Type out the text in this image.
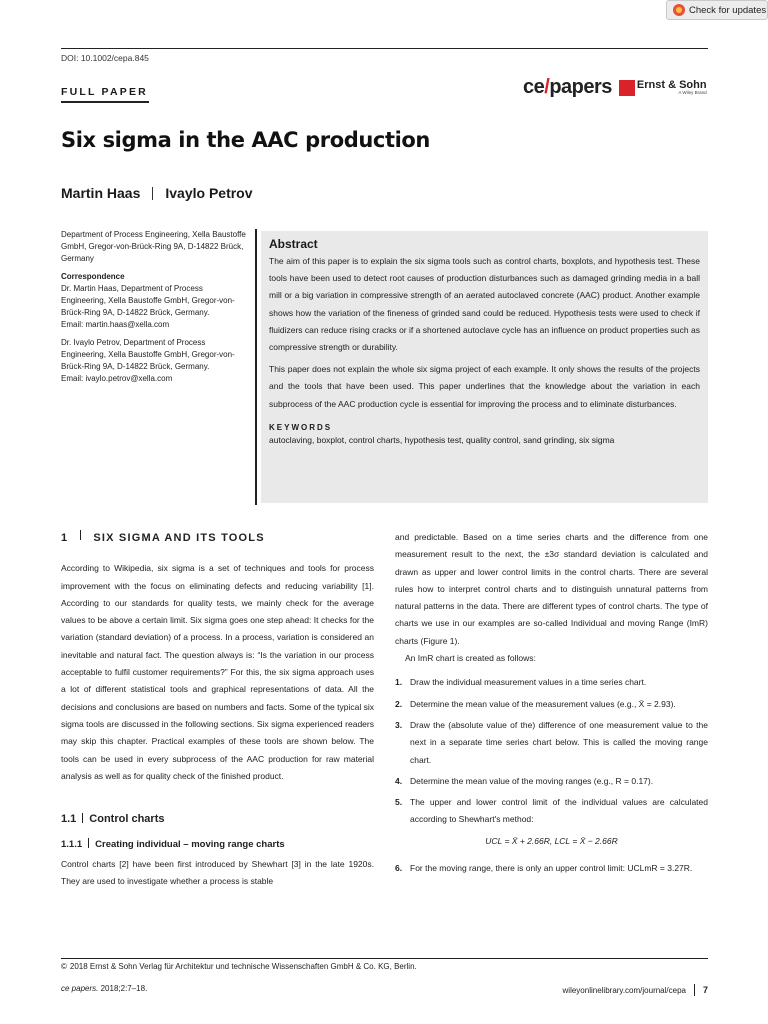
Check for updates
DOI: 10.1002/cepa.845
FULL PAPER	ce/papers Ernst & Sohn
A Wiley Brand
Six sigma in the AAC production
Martin Haas Ivaylo Petrov

Department of Process Engineering, Xella Baustoffe GmbH, Gregor-von-Brück-Ring 9A, D-14822 Brück, Germany

Correspondence

Dr. Martin Haas, Department of Process Engineering, Xella Baustoffe GmbH, Gregor-von-Brück-Ring 9A, D-14822 Brück, Germany.

Email: martin.haas@xella.com

Dr. Ivaylo Petrov, Department of Process Engineering, Xella Baustoffe GmbH, Gregor-von-Brück-Ring 9A, D-14822 Brück, Germany.

Email: ivaylo.petrov@xella.com

Abstract

The aim of this paper is to explain the six sigma tools such as control charts, boxplots, and hypothesis test. These tools have been used to detect root causes of production disturbances such as damaged grinding media in a ball mill or a big variation in compressive strength of an aerated autoclaved concrete (AAC) product. Another example shows how the variation of the fineness of grinded sand could be reduced. Hypothesis tests were used to check if fluidizers can reduce rising cracks or if a shortened autoclave cycle has an influence on product properties such as compressive strength or durability.

This paper does not explain the whole six sigma project of each example. It only shows the results of the projects and the tools that have been used. This paper underlines that the knowledge about the variation in each subprocess of the AAC production cycle is essential for improving the process and to eliminate disturbances.

KEYWORDS
autoclaving, boxplot, control charts, hypothesis test, quality control, sand grinding, six sigma
1 SIX SIGMA AND ITS TOOLS

According to Wikipedia, six sigma is a set of techniques and tools for process improvement with the focus on eliminating defects and reducing variability [1]. According to our standards for quality tests, we mainly check for the average values to be above a certain limit. Six sigma goes one step ahead: It checks for the variation (standard deviation) of a process. In a process, variation is considered an inevitable and natural fact. The question always is: “Is the variation in our process acceptable to fulfil customer requirements?” For this, the six sigma approach uses a lot of different statistical tools and graphical representations of data. All the decisions and conclusions are based on numbers and facts. Some of the typical six sigma tools are discussed in the following sections. Six sigma experienced readers may skip this chapter. Practical examples of these tools are shown below. The tools can be used in every subprocess of the AAC production for raw material analysis as well as for quality check of the finished product.

1.1 Control charts
1.1.1 Creating individual – moving range charts

Control charts [2] have been first introduced by Shewhart [3] in the late 1920s. They are used to investigate whether a process is stable

and predictable. Based on a time series charts and the difference from one measurement result to the next, the ±3σ standard deviation is calculated and drawn as upper and lower control limits in the control charts. There are several rules how to interpret control charts and to distinguish unnatural patterns from natural patterns in the data. There are different types of control charts. The type of charts we use in our examples are so-called Individual and moving Range (ImR) charts (Figure 1).

An ImR chart is created as follows:

1. Draw the individual measurement values in a time series chart.
2. Determine the mean value of the measurement values (e.g., X̄ = 2.93).
3. Draw the (absolute value of the) difference of one measurement value to the next in a separate time series chart below. This is called the moving range chart.
4. Determine the mean value of the moving ranges (e.g., R = 0.17).
5. The upper and lower control limit of the individual values are calculated according to Shewhart's method:
UCL = X̄ + 2.66R, LCL = X̄ − 2.66R
6. For the moving range, there is only an upper control limit: UCLmR = 3.27R.
© 2018 Ernst & Sohn Verlag für Architektur und technische Wissenschaften GmbH & Co. KG, Berlin.
ce papers. 2018;2:7–18.	wileyonlinelibrary.com/journal/cepa 7
